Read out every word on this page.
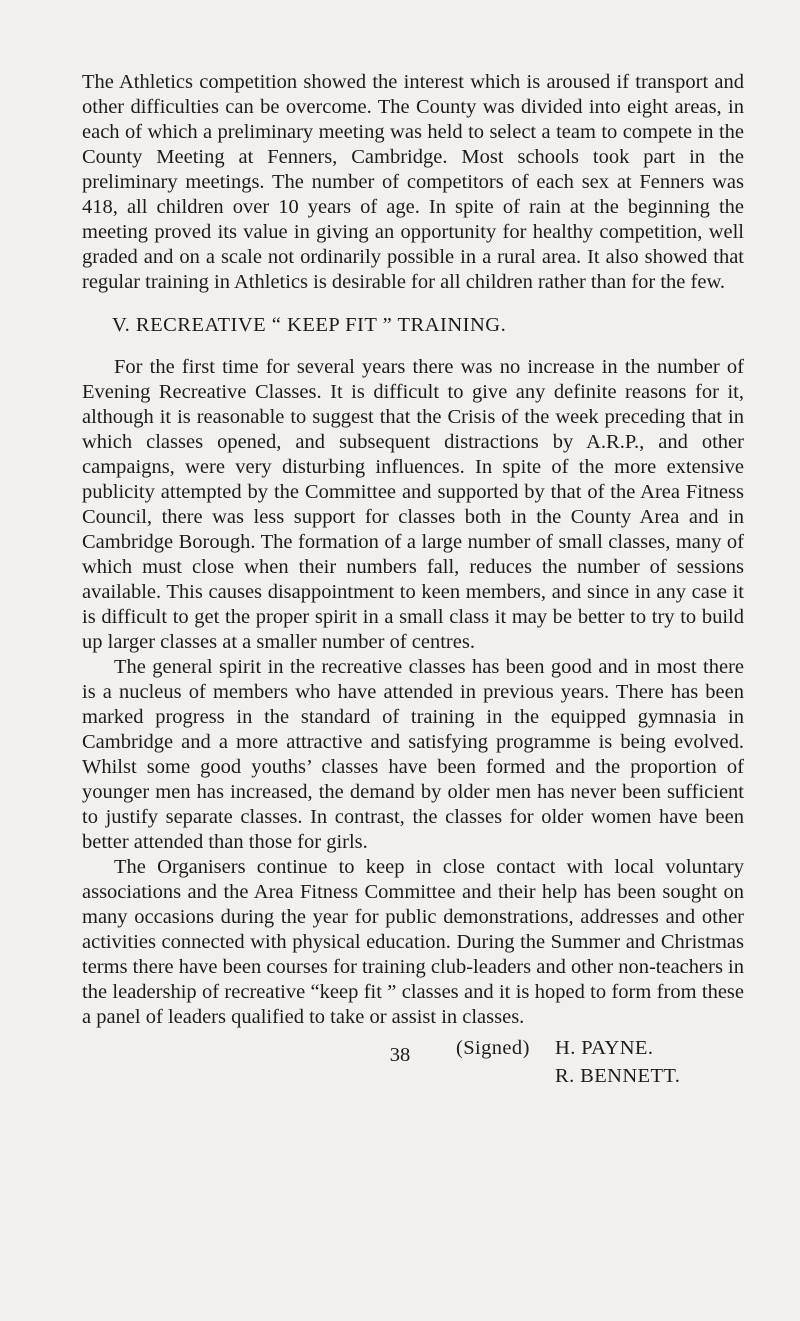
The Athletics competition showed the interest which is aroused if transport and other difficulties can be overcome. The County was divided into eight areas, in each of which a preliminary meeting was held to select a team to compete in the County Meeting at Fenners, Cambridge. Most schools took part in the preliminary meetings. The number of competitors of each sex at Fenners was 418, all children over 10 years of age. In spite of rain at the beginning the meeting proved its value in giving an opportunity for healthy competition, well graded and on a scale not ordinarily possible in a rural area. It also showed that regular training in Athletics is desirable for all children rather than for the few.

V. RECREATIVE “ KEEP FIT ” TRAINING.

For the first time for several years there was no increase in the number of Evening Recreative Classes. It is difficult to give any definite reasons for it, although it is reasonable to suggest that the Crisis of the week preceding that in which classes opened, and subsequent distractions by A.R.P., and other campaigns, were very disturbing influences. In spite of the more extensive publicity attempted by the Committee and supported by that of the Area Fitness Council, there was less support for classes both in the County Area and in Cambridge Borough. The formation of a large number of small classes, many of which must close when their numbers fall, reduces the number of sessions available. This causes disappointment to keen members, and since in any case it is difficult to get the proper spirit in a small class it may be better to try to build up larger classes at a smaller number of centres.

The general spirit in the recreative classes has been good and in most there is a nucleus of members who have attended in previous years. There has been marked progress in the standard of training in the equipped gymnasia in Cambridge and a more attractive and satisfying programme is being evolved. Whilst some good youths’ classes have been formed and the proportion of younger men has increased, the demand by older men has never been sufficient to justify separate classes. In contrast, the classes for older women have been better attended than those for girls.

The Organisers continue to keep in close contact with local voluntary associations and the Area Fitness Committee and their help has been sought on many occasions during the year for public demonstrations, addresses and other activities connected with physical education. During the Summer and Christmas terms there have been courses for training club-leaders and other non-teachers in the leadership of recreative “keep fit ” classes and it is hoped to form from these a panel of leaders qualified to take or assist in classes.

(Signed) H. PAYNE.
R. BENNETT.
38
